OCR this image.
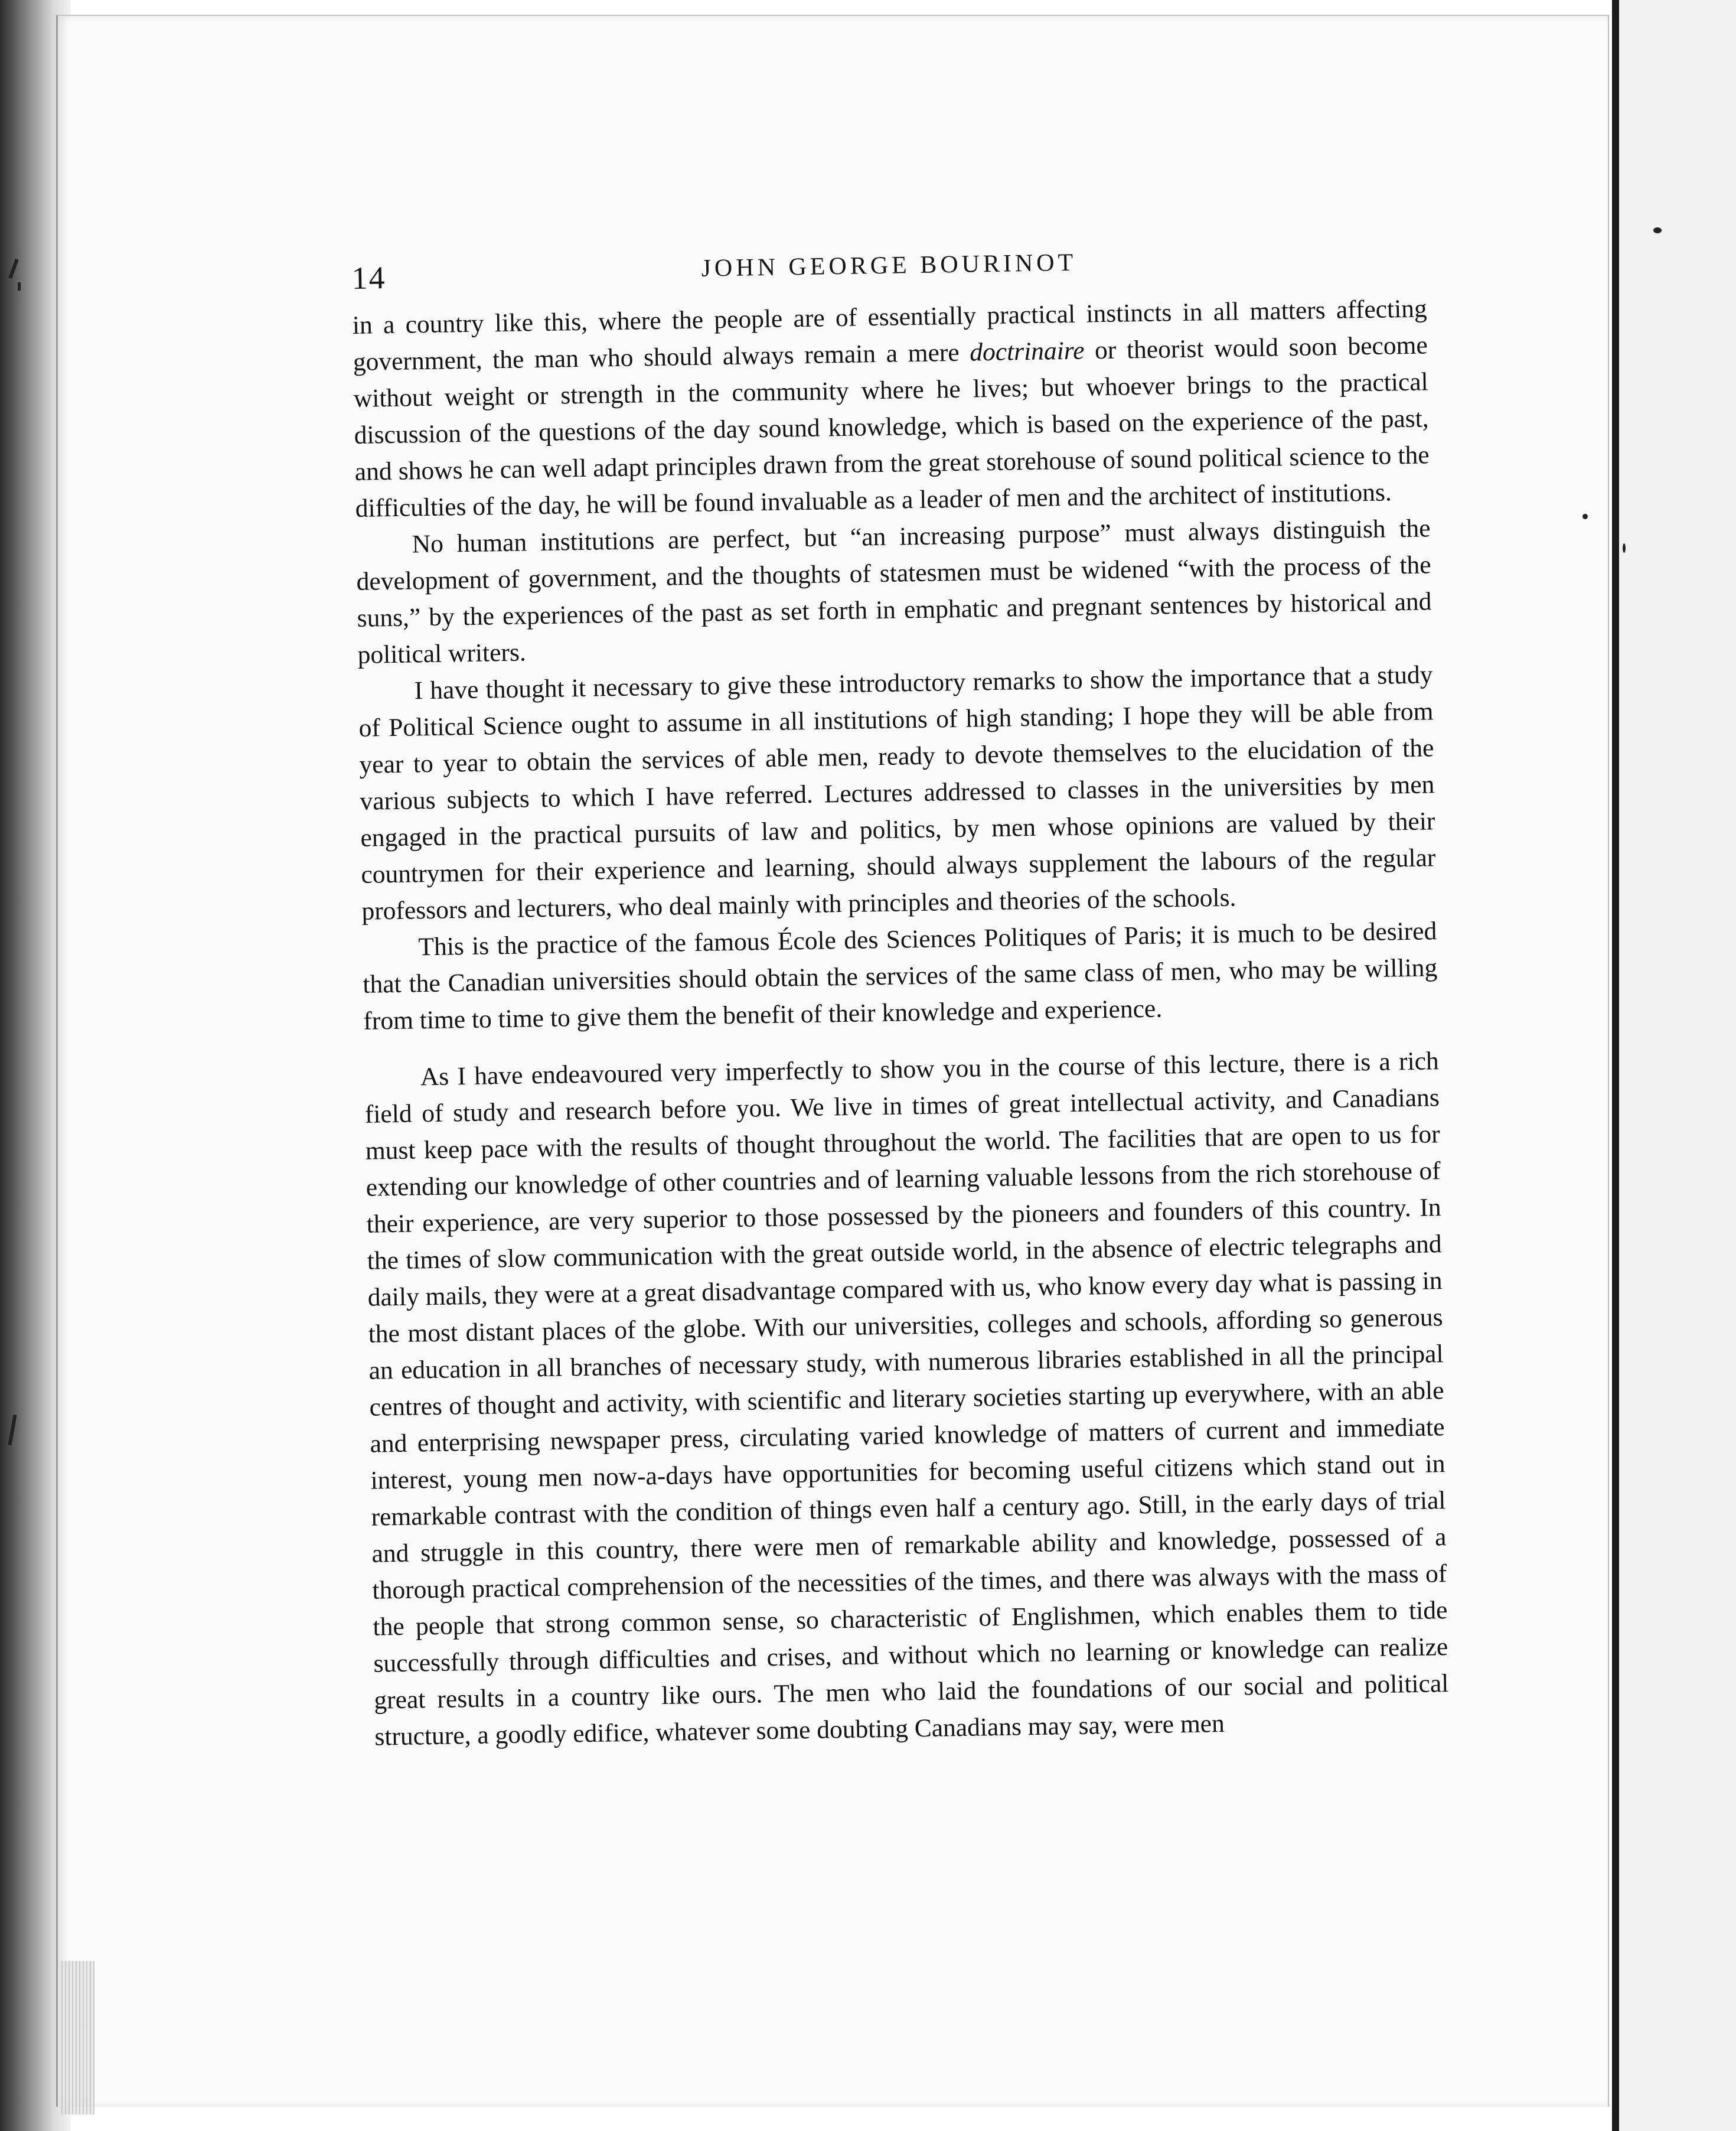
14	JOHN GEORGE BOURINOT

in a country like this, where the people are of essentially practical instincts in all matters affecting government, the man who should always remain a mere doctrinaire or theorist would soon become without weight or strength in the community where he lives; but whoever brings to the practical discussion of the questions of the day sound knowledge, which is based on the experience of the past, and shows he can well adapt principles drawn from the great storehouse of sound political science to the difficulties of the day, he will be found invaluable as a leader of men and the architect of institutions.

No human institutions are perfect, but “an increasing purpose” must always distinguish the development of government, and the thoughts of statesmen must be widened “with the process of the suns,” by the experiences of the past as set forth in emphatic and pregnant sentences by historical and political writers.

I have thought it necessary to give these introductory remarks to show the importance that a study of Political Science ought to assume in all institutions of high standing; I hope they will be able from year to year to obtain the services of able men, ready to devote themselves to the elucidation of the various subjects to which I have referred. Lectures addressed to classes in the universities by men engaged in the practical pursuits of law and politics, by men whose opinions are valued by their countrymen for their experience and learning, should always supplement the labours of the regular professors and lecturers, who deal mainly with principles and theories of the schools.

This is the practice of the famous École des Sciences Politiques of Paris; it is much to be desired that the Canadian universities should obtain the services of the same class of men, who may be willing from time to time to give them the benefit of their knowledge and experience.

As I have endeavoured very imperfectly to show you in the course of this lecture, there is a rich field of study and research before you. We live in times of great intellectual activity, and Canadians must keep pace with the results of thought throughout the world. The facilities that are open to us for extending our knowledge of other countries and of learning valuable lessons from the rich storehouse of their experience, are very superior to those possessed by the pioneers and founders of this country. In the times of slow communication with the great outside world, in the absence of electric telegraphs and daily mails, they were at a great disadvantage compared with us, who know every day what is passing in the most distant places of the globe. With our universities, colleges and schools, affording so generous an education in all branches of necessary study, with numerous libraries established in all the principal centres of thought and activity, with scientific and literary societies starting up everywhere, with an able and enterprising newspaper press, circulating varied knowledge of matters of current and immediate interest, young men now-a-days have opportunities for becoming useful citizens which stand out in remarkable contrast with the condition of things even half a century ago. Still, in the early days of trial and struggle in this country, there were men of remarkable ability and knowledge, possessed of a thorough practical comprehension of the necessities of the times, and there was always with the mass of the people that strong common sense, so characteristic of Englishmen, which enables them to tide successfully through difficulties and crises, and without which no learning or knowledge can realize great results in a country like ours. The men who laid the foundations of our social and political structure, a goodly edifice, whatever some doubting Canadians may say, were men
